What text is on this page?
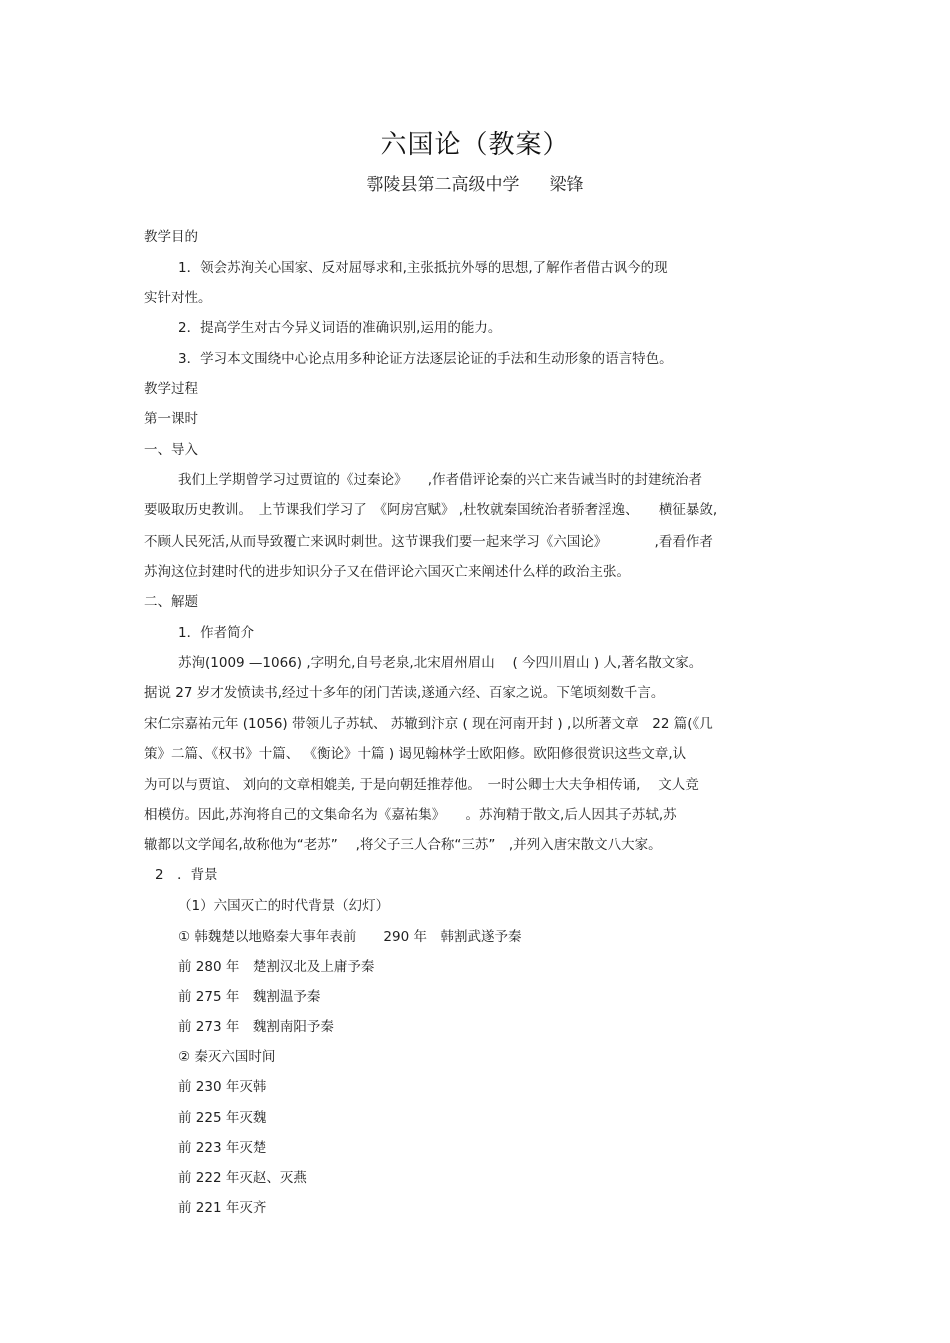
六国论（教案）
鄠陵县第二高级中学 梁锋
教学目的
1．领会苏洵关心国家、反对屈辱求和,主张抵抗外辱的思想,了解作者借古讽今的现
实针对性。
2．提高学生对古今异义词语的准确识别,运用的能力。
3．学习本文围绕中心论点用多种论证方法逐层论证的手法和生动形象的语言特色。
教学过程
第一课时
一、导入
我们上学期曾学习过贾谊的《过秦论》　　,作者借评论秦的兴亡来告诫当时的封建统治者
要吸取历史教训。　上节课我们学习了　《阿房宫赋》 ,杜牧就秦国统治者骄奢淫逸、　　横征暴敛,
不顾人民死活,从而导致覆亡来讽时刺世。这节课我们要一起来学习《六国论》　　　　,看看作者
苏洵这位封建时代的进步知识分子又在借评论六国灭亡来阐述什么样的政治主张。
二、解题
1．作者简介
苏洵(1009 —1066) ,字明允,自号老泉,北宋眉州眉山　 ( 今四川眉山 ) 人,著名散文家。
据说 27 岁才发愤读书,经过十多年的闭门苦读,遂通六经、百家之说。下笔顷刻数千言。
宋仁宗嘉祐元年 (1056) 带领儿子苏轼、 苏辙到汴京 ( 现在河南开封 ) ,以所著文章　22 篇(《几
策》二篇、《权书》十篇、 《衡论》十篇 ) 谒见翰林学士欧阳修。欧阳修很赏识这些文章,认
为可以与贾谊、 刘向的文章相媲美, 于是向朝廷推荐他。　一时公卿士大夫争相传诵,　 文人竞
相模仿。因此,苏洵将自己的文集命名为《嘉祐集》　　。苏洵精于散文,后人因其子苏轼,苏
辙都以文学闻名,故称他为“老苏”　 ,将父子三人合称“三苏”　,并列入唐宋散文八大家。
2　．背景
（1）六国灭亡的时代背景（幻灯）
① 韩魏楚以地赂秦大事年表前　　290 年　韩割武遂予秦
前 280 年　楚割汉北及上庸予秦
前 275 年　魏割温予秦
前 273 年　魏割南阳予秦
② 秦灭六国时间
前 230 年灭韩
前 225 年灭魏
前 223 年灭楚
前 222 年灭赵、灭燕
前 221 年灭齐
